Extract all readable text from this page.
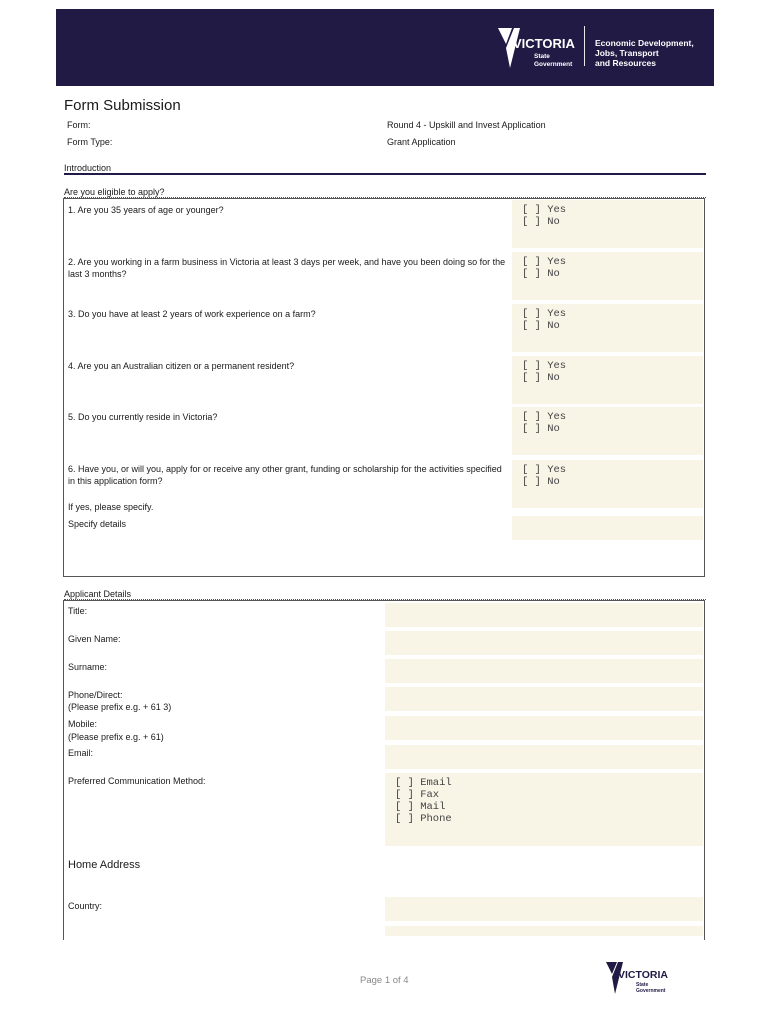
VICTORIA
State
Government
Economic Development,
Jobs, Transport
and Resources
Form Submission
Form:	Round 4 - Upskill and Invest Application
Form Type:	Grant Application
Introduction
Are you eligible to apply?
1. Are you 35 years of age or younger?	[ ] Yes
[ ] No
2. Are you working in a farm business in Victoria at least 3 days per week, and have you been doing so for the last 3 months?
[ ] Yes
[ ] No
3. Do you have at least 2 years of work experience on a farm?	[ ] Yes
[ ] No
4. Are you an Australian citizen or a permanent resident?	[ ] Yes
[ ] No
5. Do you currently reside in Victoria?	[ ] Yes
[ ] No
6. Have you, or will you, apply for or receive any other grant, funding or scholarship for the activities specified in this application form?
[ ] Yes
[ ] No
If yes, please specify.
Specify details
Applicant Details
Title:
Given Name:
Surname:
Phone/Direct:
(Please prefix e.g. + 61 3)
Mobile:
(Please prefix e.g. + 61)
Email:
Preferred Communication Method:	[ ] Email
[ ] Fax
[ ] Mail
[ ] Phone
Home Address
Country:
Page 1 of 4	VICTORIA
State
Government
